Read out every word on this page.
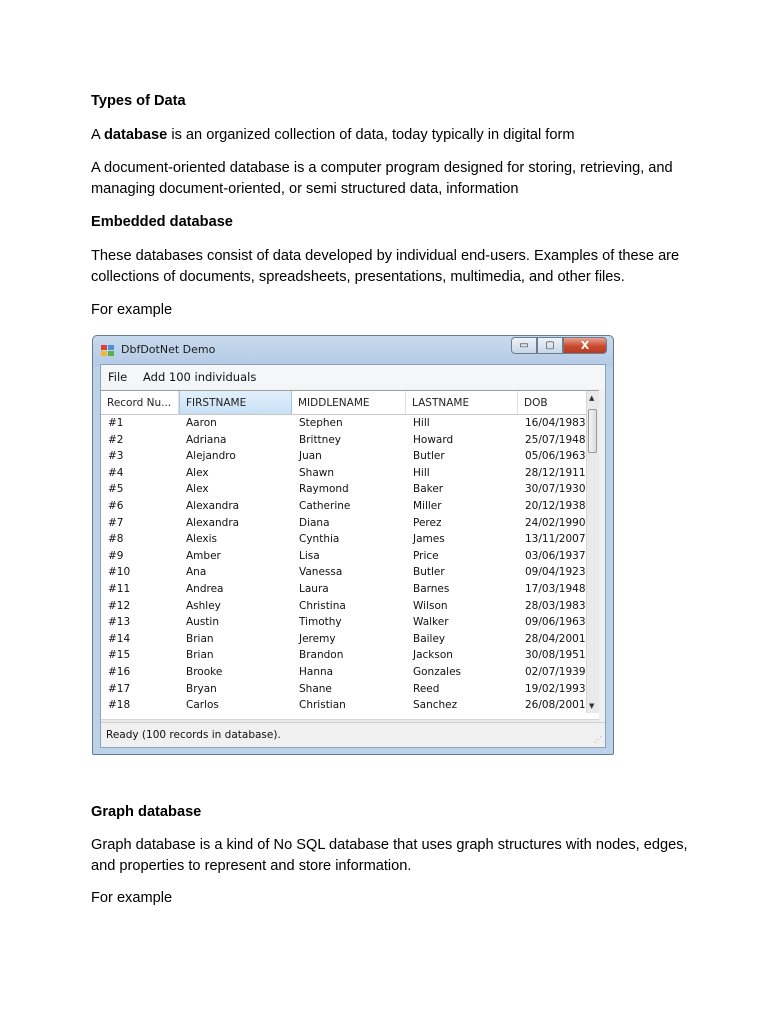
Types of Data

A database is an organized collection of data, today typically in digital form

A document-oriented database is a computer program designed for storing, retrieving, and managing document-oriented, or semi structured data, information

Embedded database

These databases consist of data developed by individual end-users. Examples of these are collections of documents, spreadsheets, presentations, multimedia, and other files.

For example

DbfDotNet Demo	▭	▢	X
File Add 100 individuals
Record Nu...	FIRSTNAME	MIDDLENAME	LASTNAME	DOB
#1	Aaron	Stephen	Hill	16/04/1983
#2	Adriana	Brittney	Howard	25/07/1948
#3	Alejandro	Juan	Butler	05/06/1963
#4	Alex	Shawn	Hill	28/12/1911
#5	Alex	Raymond	Baker	30/07/1930
#6	Alexandra	Catherine	Miller	20/12/1938
#7	Alexandra	Diana	Perez	24/02/1990
#8	Alexis	Cynthia	James	13/11/2007
#9	Amber	Lisa	Price	03/06/1937
#10	Ana	Vanessa	Butler	09/04/1923
#11	Andrea	Laura	Barnes	17/03/1948
#12	Ashley	Christina	Wilson	28/03/1983
#13	Austin	Timothy	Walker	09/06/1963
#14	Brian	Jeremy	Bailey	28/04/2001
#15	Brian	Brandon	Jackson	30/08/1951
#16	Brooke	Hanna	Gonzales	02/07/1939
#17	Bryan	Shane	Reed	19/02/1993
#18	Carlos	Christian	Sanchez	26/08/2001
▲
▼
Ready (100 records in database).	⋰

Graph database

Graph database is a kind of No SQL database that uses graph structures with nodes, edges, and properties to represent and store information.

For example
